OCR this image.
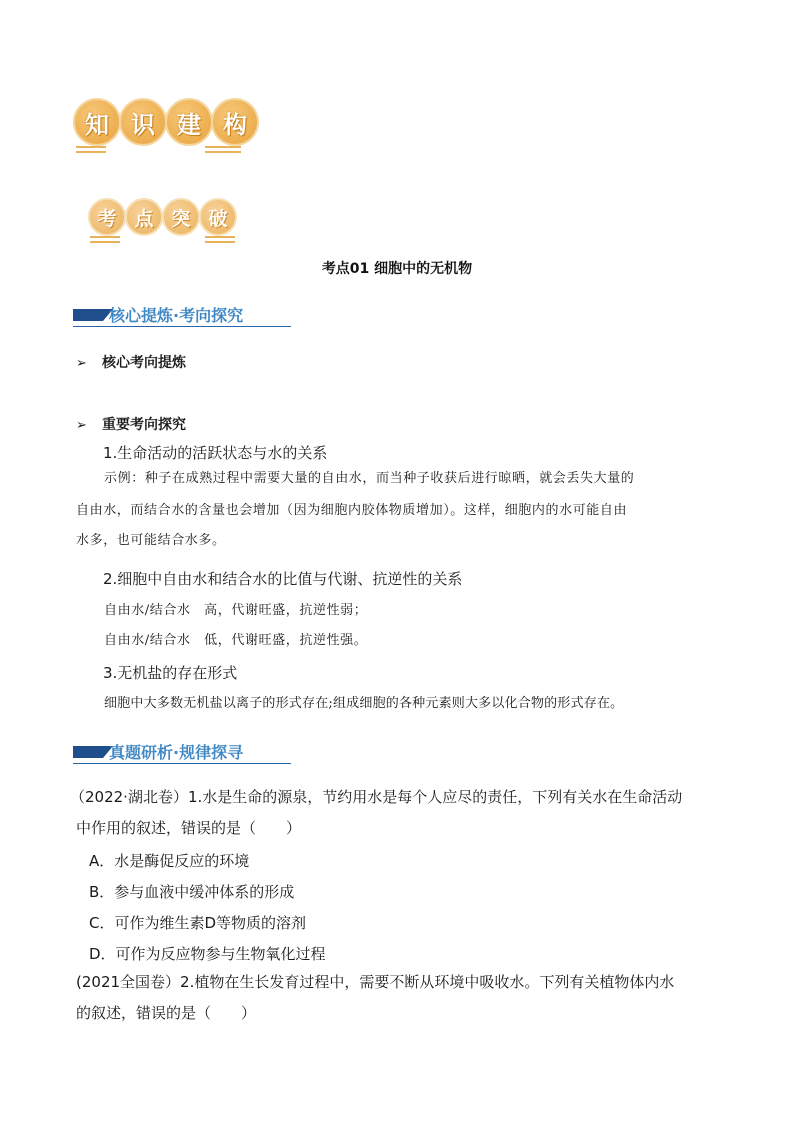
知 识 建 构
考 点 突 破
考点01 细胞中的无机物
核心提炼·考向探究
➢ 核心考向提炼
➢ 重要考向探究
1.生命活动的活跃状态与水的关系
示例：种子在成熟过程中需要大量的自由水，而当种子收获后进行晾晒，就会丢失大量的
自由水，而结合水的含量也会增加（因为细胞内胶体物质增加）。这样，细胞内的水可能自由
水多，也可能结合水多。
2.细胞中自由水和结合水的比值与代谢、抗逆性的关系
自由水/结合水　高，代谢旺盛，抗逆性弱；
自由水/结合水　低，代谢旺盛，抗逆性强。
3.无机盐的存在形式
细胞中大多数无机盐以离子的形式存在;组成细胞的各种元素则大多以化合物的形式存在。
真题研析·规律探寻
（2022·湖北卷）1.水是生命的源泉，节约用水是每个人应尽的责任，下列有关水在生命活动
中作用的叙述，错误的是（　　）
A．水是酶促反应的环境
B．参与血液中缓冲体系的形成
C．可作为维生素D等物质的溶剂
D．可作为反应物参与生物氧化过程
(2021全国卷）2.植物在生长发育过程中，需要不断从环境中吸收水。下列有关植物体内水
的叙述，错误的是（　　）
